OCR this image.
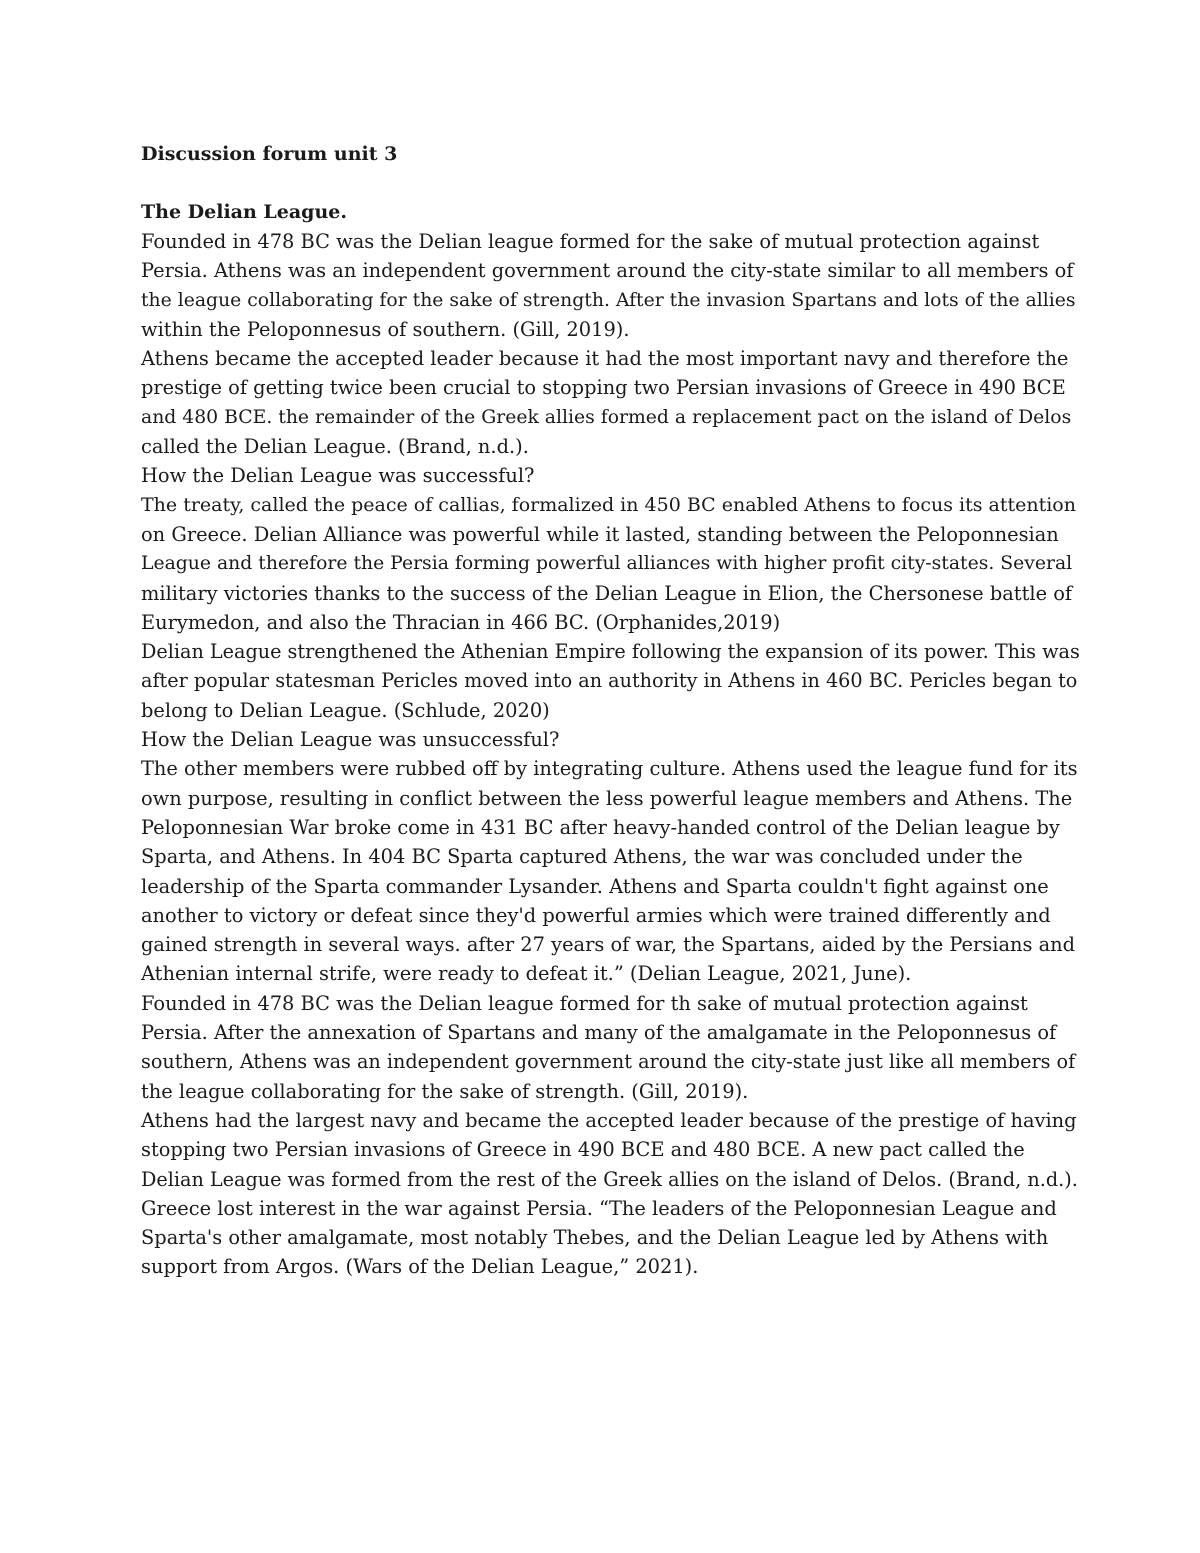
Discussion forum unit 3
The Delian League.
Founded in 478 BC was the Delian league formed for the sake of mutual protection against
Persia. Athens was an independent government around the city-state similar to all members of
the league collaborating for the sake of strength. After the invasion Spartans and lots of the allies
within the Peloponnesus of southern. (Gill, 2019).
Athens became the accepted leader because it had the most important navy and therefore the
prestige of getting twice been crucial to stopping two Persian invasions of Greece in 490 BCE
and 480 BCE. the remainder of the Greek allies formed a replacement pact on the island of Delos
called the Delian League. (Brand, n.d.).
How the Delian League was successful?
The treaty, called the peace of callias, formalized in 450 BC enabled Athens to focus its attention
on Greece. Delian Alliance was powerful while it lasted, standing between the Peloponnesian
League and therefore the Persia forming powerful alliances with higher profit city-states. Several
military victories thanks to the success of the Delian League in Elion, the Chersonese battle of
Eurymedon, and also the Thracian in 466 BC. (Orphanides,2019)
Delian League strengthened the Athenian Empire following the expansion of its power. This was
after popular statesman Pericles moved into an authority in Athens in 460 BC. Pericles began to
belong to Delian League. (Schlude, 2020)
How the Delian League was unsuccessful?
The other members were rubbed off by integrating culture. Athens used the league fund for its
own purpose, resulting in conflict between the less powerful league members and Athens. The
Peloponnesian War broke come in 431 BC after heavy-handed control of the Delian league by
Sparta, and Athens. In 404 BC Sparta captured Athens, the war was concluded under the
leadership of the Sparta commander Lysander. Athens and Sparta couldn't fight against one
another to victory or defeat since they'd powerful armies which were trained differently and
gained strength in several ways. after 27 years of war, the Spartans, aided by the Persians and
Athenian internal strife, were ready to defeat it.” (Delian League, 2021, June).
Founded in 478 BC was the Delian league formed for th sake of mutual protection against
Persia. After the annexation of Spartans and many of the amalgamate in the Peloponnesus of
southern, Athens was an independent government around the city-state just like all members of
the league collaborating for the sake of strength. (Gill, 2019).
Athens had the largest navy and became the accepted leader because of the prestige of having
stopping two Persian invasions of Greece in 490 BCE and 480 BCE. A new pact called the
Delian League was formed from the rest of the Greek allies on the island of Delos. (Brand, n.d.).
Greece lost interest in the war against Persia. “The leaders of the Peloponnesian League and
Sparta's other amalgamate, most notably Thebes, and the Delian League led by Athens with
support from Argos. (Wars of the Delian League,” 2021).
